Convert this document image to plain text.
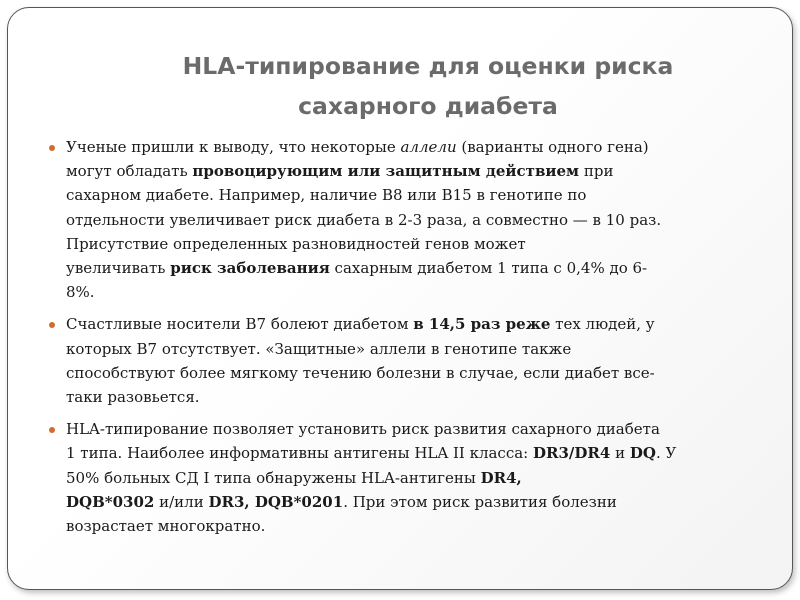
HLA-типирование для оценки риска
сахарного диабета
Ученые пришли к выводу, что некоторые аллели (варианты одного гена)
могут обладать провоцирующим или защитным действием при
сахарном диабете. Например, наличие B8 или B15 в генотипе по
отдельности увеличивает риск диабета в 2-3 раза, а совместно — в 10 раз.
Присутствие определенных разновидностей генов может
увеличивать риск заболевания сахарным диабетом 1 типа с 0,4% до 6-
8%.
Счастливые носители B7 болеют диабетом в 14,5 раз реже тех людей, у
которых B7 отсутствует. «Защитные» аллели в генотипе также
способствуют более мягкому течению болезни в случае, если диабет все-
таки разовьется.
HLA-типирование позволяет установить риск развития сахарного диабета
1 типа. Наиболее информативны антигены HLA II класса: DR3/DR4 и DQ. У
50% больных СД I типа обнаружены HLA-антигены DR4,
DQB*0302 и/или DR3, DQB*0201. При этом риск развития болезни
возрастает многократно.
